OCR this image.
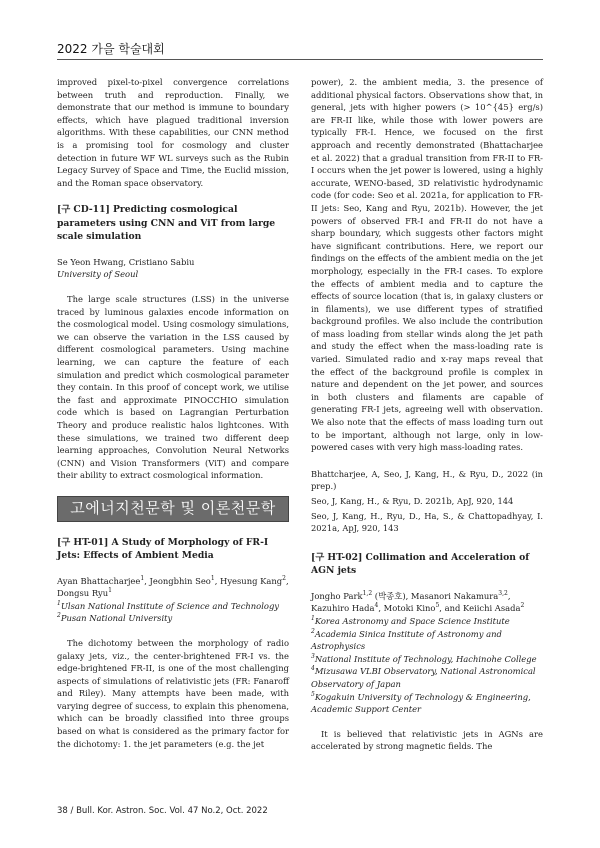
2022 가을 학술대회

improved pixel-to-pixel convergence correlations between truth and reproduction. Finally, we demonstrate that our method is immune to boundary effects, which have plagued traditional inversion algorithms. With these capabilities, our CNN method is a promising tool for cosmology and cluster detection in future WF WL surveys such as the Rubin Legacy Survey of Space and Time, the Euclid mission, and the Roman space observatory.

[구 CD-11] Predicting cosmological parameters using CNN and ViT from large scale simulation

Se Yeon Hwang, Cristiano Sabiu

University of Seoul

The large scale structures (LSS) in the universe traced by luminous galaxies encode information on the cosmological model. Using cosmology simulations, we can observe the variation in the LSS caused by different cosmological parameters. Using machine learning, we can capture the feature of each simulation and predict which cosmological parameter they contain. In this proof of concept work, we utilise the fast and approximate PINOCCHIO simulation code which is based on Lagrangian Perturbation Theory and produce realistic halos lightcones. With these simulations, we trained two different deep learning approaches, Convolution Neural Networks (CNN) and Vision Transformers (ViT) and compare their ability to extract cosmological information.

고에너지천문학 및 이론천문학
[구 HT-01] A Study of Morphology of FR-I Jets: Effects of Ambient Media

Ayan Bhattacharjee$^1$, Jeongbhin Seo$^1$, Hyesung Kang$^2$, Dongsu Ryu$^1$

$^1$Ulsan National Institute of Science and Technology

$^2$Pusan National University

The dichotomy between the morphology of radio galaxy jets, viz., the center-brightened FR-I vs. the edge-brightened FR-II, is one of the most challenging aspects of simulations of relativistic jets (FR: Fanaroff and Riley). Many attempts have been made, with varying degree of success, to explain this phenomena, which can be broadly classified into three groups based on what is considered as the primary factor for the dichotomy: 1. the jet parameters (e.g. the jet

power), 2. the ambient media, 3. the presence of additional physical factors. Observations show that, in general, jets with higher powers (> 10^{45} erg/s) are FR-II like, while those with lower powers are typically FR-I. Hence, we focused on the first approach and recently demonstrated (Bhattacharjee et al. 2022) that a gradual transition from FR-II to FR-I occurs when the jet power is lowered, using a highly accurate, WENO-based, 3D relativistic hydrodynamic code (for code: Seo et al. 2021a, for application to FR-II jets: Seo, Kang and Ryu, 2021b). However, the jet powers of observed FR-I and FR-II do not have a sharp boundary, which suggests other factors might have significant contributions. Here, we report our findings on the effects of the ambient media on the jet morphology, especially in the FR-I cases. To explore the effects of ambient media and to capture the effects of source location (that is, in galaxy clusters or in filaments), we use different types of stratified background profiles. We also include the contribution of mass loading from stellar winds along the jet path and study the effect when the mass-loading rate is varied. Simulated radio and x-ray maps reveal that the effect of the background profile is complex in nature and dependent on the jet power, and sources in both clusters and filaments are capable of generating FR-I jets, agreeing well with observation. We also note that the effects of mass loading turn out to be important, although not large, only in low-powered cases with very high mass-loading rates.

Bhattcharjee, A, Seo, J, Kang, H., & Ryu, D., 2022 (in prep.)

Seo, J, Kang, H., & Ryu, D. 2021b, ApJ, 920, 144

Seo, J, Kang, H., Ryu, D., Ha, S., & Chattopadhyay, I. 2021a, ApJ, 920, 143

[구 HT-02] Collimation and Acceleration of AGN jets

Jongho Park$^{1,2}$ (박종호), Masanori Nakamura$^{3,2}$, Kazuhiro Hada$^4$, Motoki Kino$^5$, and Keiichi Asada$^2$

$^1$Korea Astronomy and Space Science Institute

$^2$Academia Sinica Institute of Astronomy and Astrophysics

$^3$National Institute of Technology, Hachinohe College

$^4$Mizusawa VLBI Observatory, National Astronomical Observatory of Japan

$^5$Kogakuin University of Technology & Engineering, Academic Support Center

It is believed that relativistic jets in AGNs are accelerated by strong magnetic fields. The

38 / Bull. Kor. Astron. Soc. Vol. 47 No.2, Oct. 2022
